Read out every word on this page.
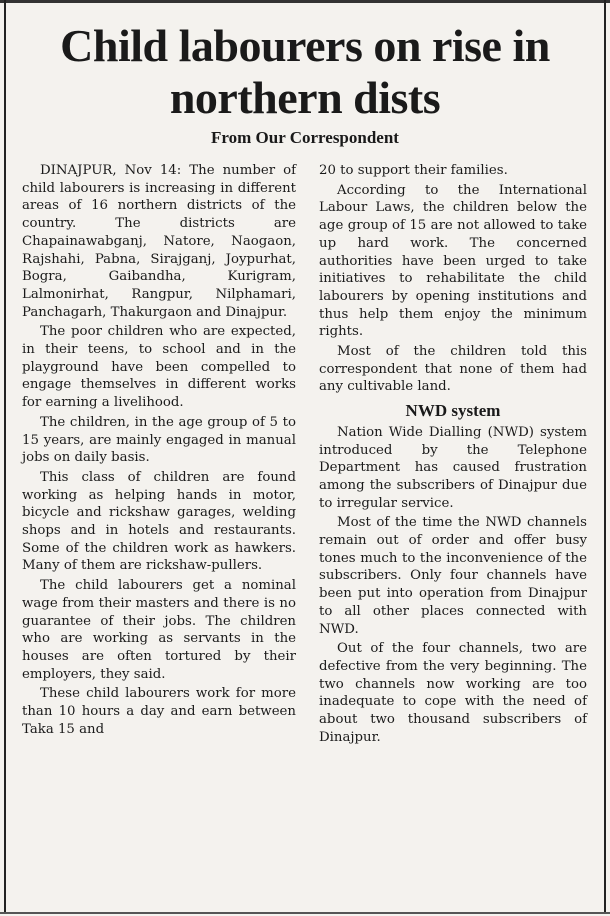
Child labourers on rise in northern dists
From Our Correspondent

DINAJPUR, Nov 14: The number of child labourers is increasing in different areas of 16 northern districts of the country. The districts are Chapainawabganj, Natore, Naogaon, Rajshahi, Pabna, Sirajganj, Joypurhat, Bogra, Gaibandha, Kurigram, Lalmonirhat, Rangpur, Nilphamari, Panchagarh, Thakurgaon and Dinajpur.

The poor children who are expected, in their teens, to school and in the playground have been compelled to engage themselves in different works for earning a livelihood.

The children, in the age group of 5 to 15 years, are mainly engaged in manual jobs on daily basis.

This class of children are found working as helping hands in motor, bicycle and rickshaw garages, welding shops and in hotels and restaurants. Some of the children work as hawkers. Many of them are rickshaw-pullers.

The child labourers get a nominal wage from their masters and there is no guarantee of their jobs. The children who are working as servants in the houses are often tortured by their employers, they said.

These child labourers work for more than 10 hours a day and earn between Taka 15 and

20 to support their families.

According to the International Labour Laws, the children below the age group of 15 are not allowed to take up hard work. The concerned authorities have been urged to take initiatives to rehabilitate the child labourers by opening institutions and thus help them enjoy the minimum rights.

Most of the children told this correspondent that none of them had any cultivable land.

NWD system

Nation Wide Dialling (NWD) system introduced by the Telephone Department has caused frustration among the subscribers of Dinajpur due to irregular service.

Most of the time the NWD channels remain out of order and offer busy tones much to the inconvenience of the subscribers. Only four channels have been put into operation from Dinajpur to all other places connected with NWD.

Out of the four channels, two are defective from the very beginning. The two channels now working are too inadequate to cope with the need of about two thousand subscribers of Dinajpur.
